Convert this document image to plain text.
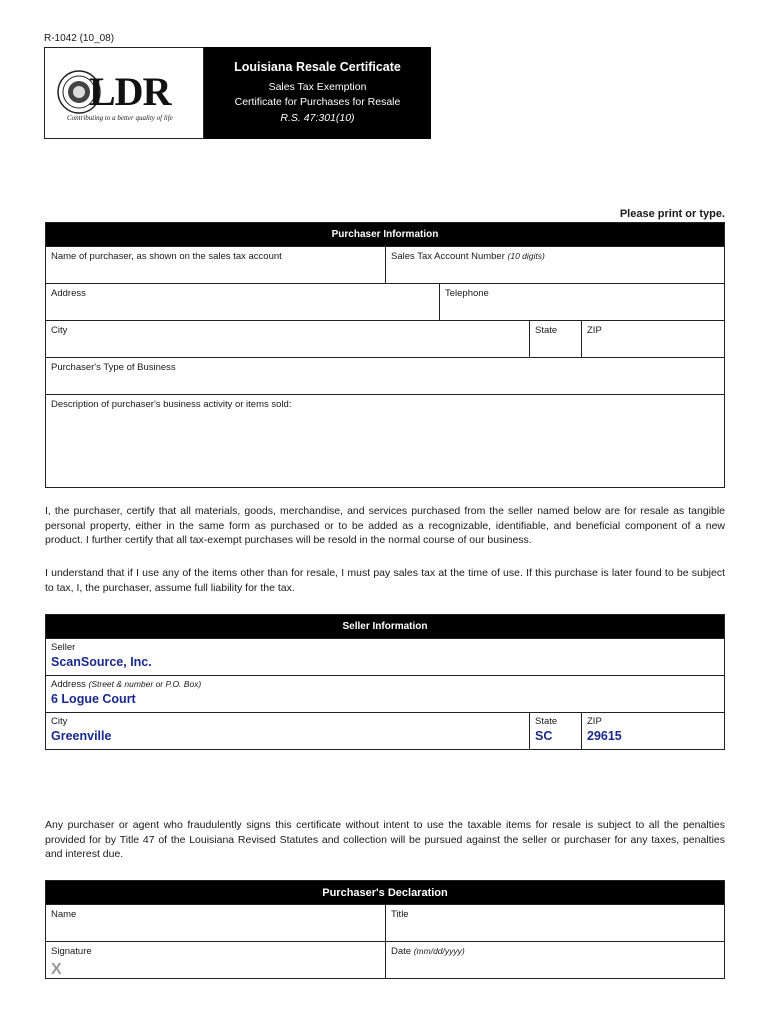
R-1042 (10_08)
LDR
Contributing to a better quality of life
Louisiana Resale Certificate
Sales Tax Exemption
Certificate for Purchases for Resale
R.S. 47:301(10)
Please print or type.
Purchaser Information
Name of purchaser, as shown on the sales tax account	Sales Tax Account Number (10 digits)
Address	Telephone
City	State	ZIP
Purchaser's Type of Business
Description of purchaser's business activity or items sold:
I, the purchaser, certify that all materials, goods, merchandise, and services purchased from the seller named below are for resale as tangible personal property, either in the same form as purchased or to be added as a recognizable, identifiable, and beneficial component of a new product. I further certify that all tax-exempt purchases will be resold in the normal course of our business.
I understand that if I use any of the items other than for resale, I must pay sales tax at the time of use. If this purchase is later found to be subject to tax, I, the purchaser, assume full liability for the tax.
Seller Information
Seller
ScanSource, Inc.
Address (Street & number or P.O. Box)
6 Logue Court
City
Greenville
State
SC
ZIP
29615
Any purchaser or agent who fraudulently signs this certificate without intent to use the taxable items for resale is subject to all the penalties provided for by Title 47 of the Louisiana Revised Statutes and collection will be pursued against the seller or purchaser for any taxes, penalties and interest due.
Purchaser's Declaration
Name	Title
Signature
X
Date (mm/dd/yyyy)
